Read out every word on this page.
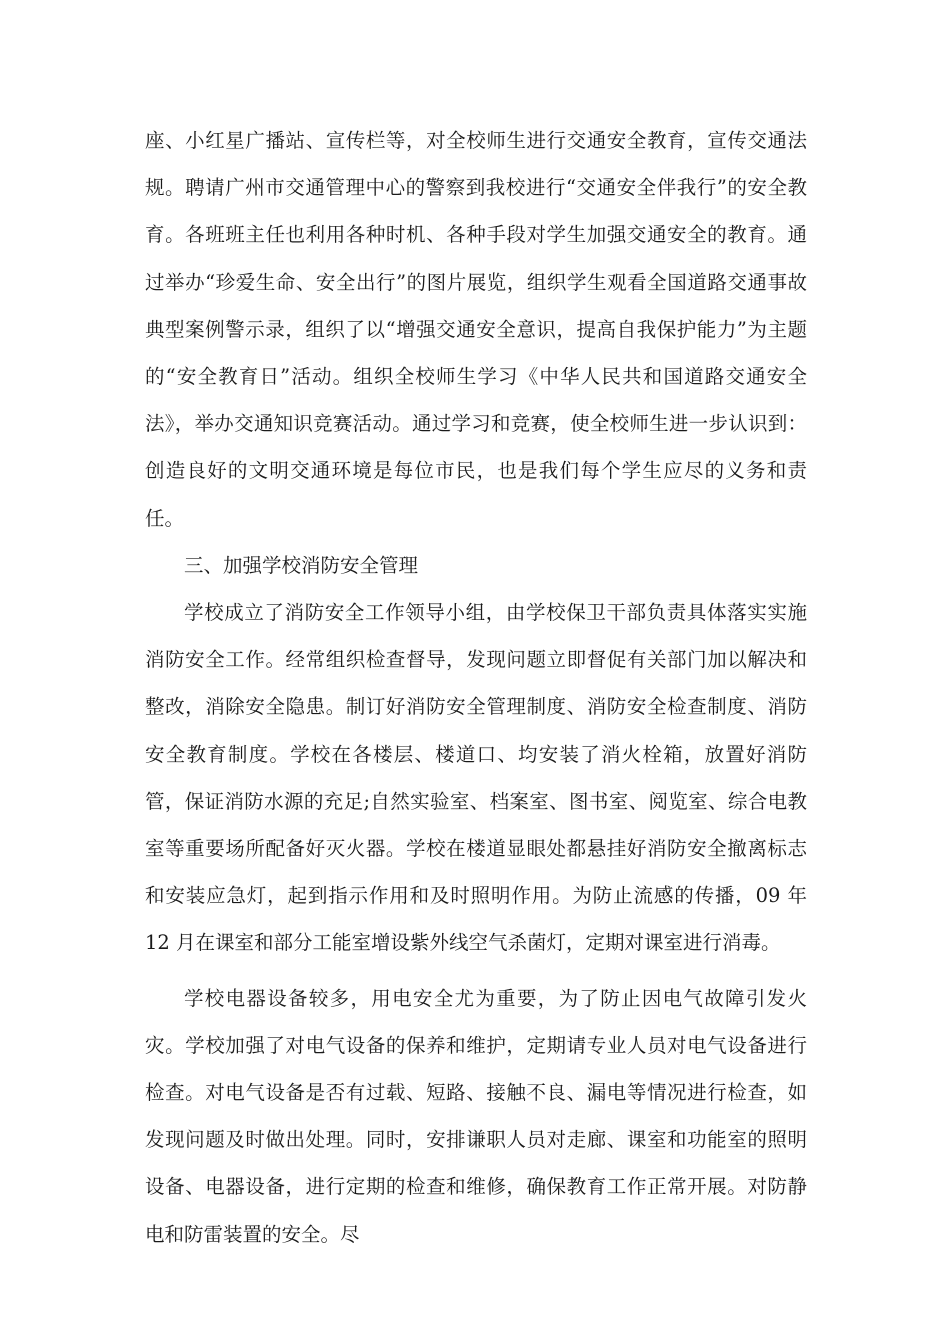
座、小红星广播站、宣传栏等，对全校师生进行交通安全教育，宣传交通法规。聘请广州市交通管理中心的警察到我校进行“交通安全伴我行”的安全教育。各班班主任也利用各种时机、各种手段对学生加强交通安全的教育。通过举办“珍爱生命、安全出行”的图片展览，组织学生观看全国道路交通事故典型案例警示录，组织了以“增强交通安全意识，提高自我保护能力”为主题的“安全教育日”活动。组织全校师生学习《中华人民共和国道路交通安全法》，举办交通知识竞赛活动。通过学习和竞赛，使全校师生进一步认识到：创造良好的文明交通环境是每位市民，也是我们每个学生应尽的义务和责任。

三、加强学校消防安全管理

学校成立了消防安全工作领导小组，由学校保卫干部负责具体落实实施消防安全工作。经常组织检查督导，发现问题立即督促有关部门加以解决和整改，消除安全隐患。制订好消防安全管理制度、消防安全检查制度、消防安全教育制度。学校在各楼层、楼道口、均安装了消火栓箱，放置好消防管，保证消防水源的充足;自然实验室、档案室、图书室、阅览室、综合电教室等重要场所配备好灭火器。学校在楼道显眼处都悬挂好消防安全撤离标志和安装应急灯，起到指示作用和及时照明作用。为防止流感的传播，09 年 12 月在课室和部分工能室增设紫外线空气杀菌灯，定期对课室进行消毒。

学校电器设备较多，用电安全尤为重要，为了防止因电气故障引发火灾。学校加强了对电气设备的保养和维护，定期请专业人员对电气设备进行检查。对电气设备是否有过载、短路、接触不良、漏电等情况进行检查，如发现问题及时做出处理。同时，安排谦职人员对走廊、课室和功能室的照明设备、电器设备，进行定期的检查和维修，确保教育工作正常开展。对防静电和防雷装置的安全。尽
